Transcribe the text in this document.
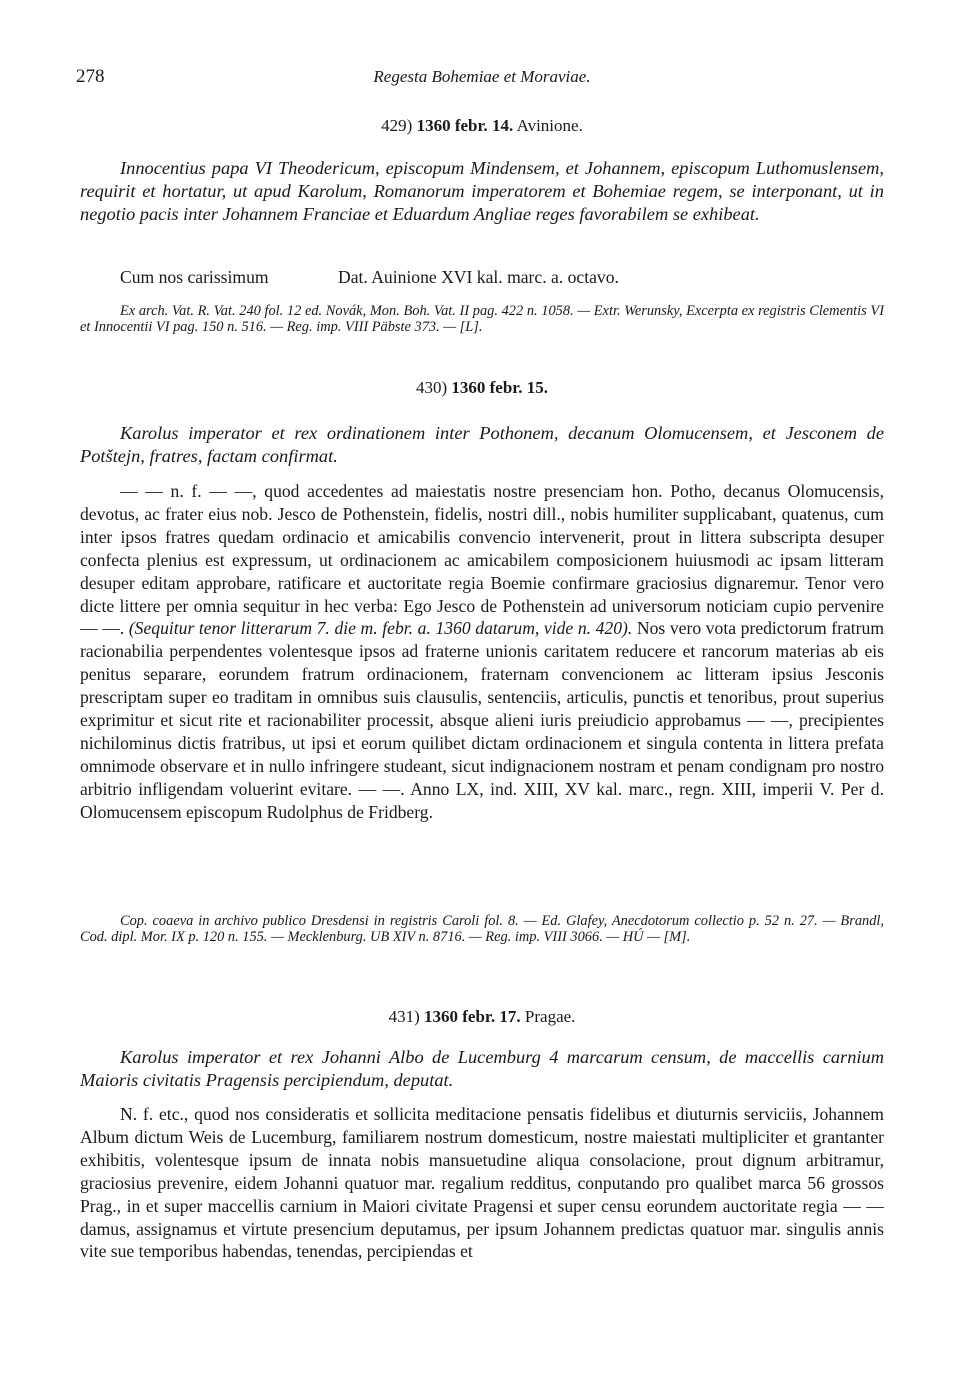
278	Regesta Bohemiae et Moraviae.
429) 1360 febr. 14. Avinione.
Innocentius papa VI Theodericum, episcopum Mindensem, et Johannem, episcopum Luthomuslensem, requirit et hortatur, ut apud Karolum, Romanorum imperatorem et Bohemiae regem, se interponant, ut in negotio pacis inter Johannem Franciae et Eduardum Angliae reges favorabilem se exhibeat.
Cum nos carissimum	Dat. Auinione XVI kal. marc. a. octavo.
Ex arch. Vat. R. Vat. 240 fol. 12 ed. Novák, Mon. Boh. Vat. II pag. 422 n. 1058. — Extr. Werunsky, Excerpta ex registris Clementis VI et Innocentii VI pag. 150 n. 516. — Reg. imp. VIII Päbste 373. — [L].
430) 1360 febr. 15.
Karolus imperator et rex ordinationem inter Pothonem, decanum Olomucensem, et Jesconem de Potštejn, fratres, factam confirmat.
— — n. f. — —, quod accedentes ad maiestatis nostre presenciam hon. Potho, decanus Olomucensis, devotus, ac frater eius nob. Jesco de Pothenstein, fidelis, nostri dill., nobis humiliter supplicabant, quatenus, cum inter ipsos fratres quedam ordinacio et amicabilis convencio intervenerit, prout in littera subscripta desuper confecta plenius est expressum, ut ordinacionem ac amicabilem composicionem huiusmodi ac ipsam litteram desuper editam approbare, ratificare et auctoritate regia Boemie confirmare graciosius dignaremur. Tenor vero dicte littere per omnia sequitur in hec verba: Ego Jesco de Pothenstein ad universorum noticiam cupio pervenire — —. (Sequitur tenor litterarum 7. die m. febr. a. 1360 datarum, vide n. 420). Nos vero vota predictorum fratrum racionabilia perpendentes volentesque ipsos ad fraterne unionis caritatem reducere et rancorum materias ab eis penitus separare, eorundem fratrum ordinacionem, fraternam convencionem ac litteram ipsius Jesconis prescriptam super eo traditam in omnibus suis clausulis, sentenciis, articulis, punctis et tenoribus, prout superius exprimitur et sicut rite et racionabiliter processit, absque alieni iuris preiudicio approbamus — —, precipientes nichilominus dictis fratribus, ut ipsi et eorum quilibet dictam ordinacionem et singula contenta in littera prefata omnimode observare et in nullo infringere studeant, sicut indignacionem nostram et penam condignam pro nostro arbitrio infligendam voluerint evitare. — —. Anno LX, ind. XIII, XV kal. marc., regn. XIII, imperii V. Per d. Olomucensem episcopum Rudolphus de Fridberg.
Cop. coaeva in archivo publico Dresdensi in registris Caroli fol. 8. — Ed. Glafey, Anecdotorum collectio p. 52 n. 27. — Brandl, Cod. dipl. Mor. IX p. 120 n. 155. — Mecklenburg. UB XIV n. 8716. — Reg. imp. VIII 3066. — HÚ — [M].
431) 1360 febr. 17. Pragae.
Karolus imperator et rex Johanni Albo de Lucemburg 4 marcarum censum, de maccellis carnium Maioris civitatis Pragensis percipiendum, deputat.
N. f. etc., quod nos consideratis et sollicita meditacione pensatis fidelibus et diuturnis serviciis, Johannem Album dictum Weis de Lucemburg, familiarem nostrum domesticum, nostre maiestati multipliciter et grantanter exhibitis, volentesque ipsum de innata nobis mansuetudine aliqua consolacione, prout dignum arbitramur, graciosius prevenire, eidem Johanni quatuor mar. regalium redditus, conputando pro qualibet marca 56 grossos Prag., in et super maccellis carnium in Maiori civitate Pragensi et super censu eorundem auctoritate regia — — damus, assignamus et virtute presencium deputamus, per ipsum Johannem predictas quatuor mar. singulis annis vite sue temporibus habendas, tenendas, percipiendas et
